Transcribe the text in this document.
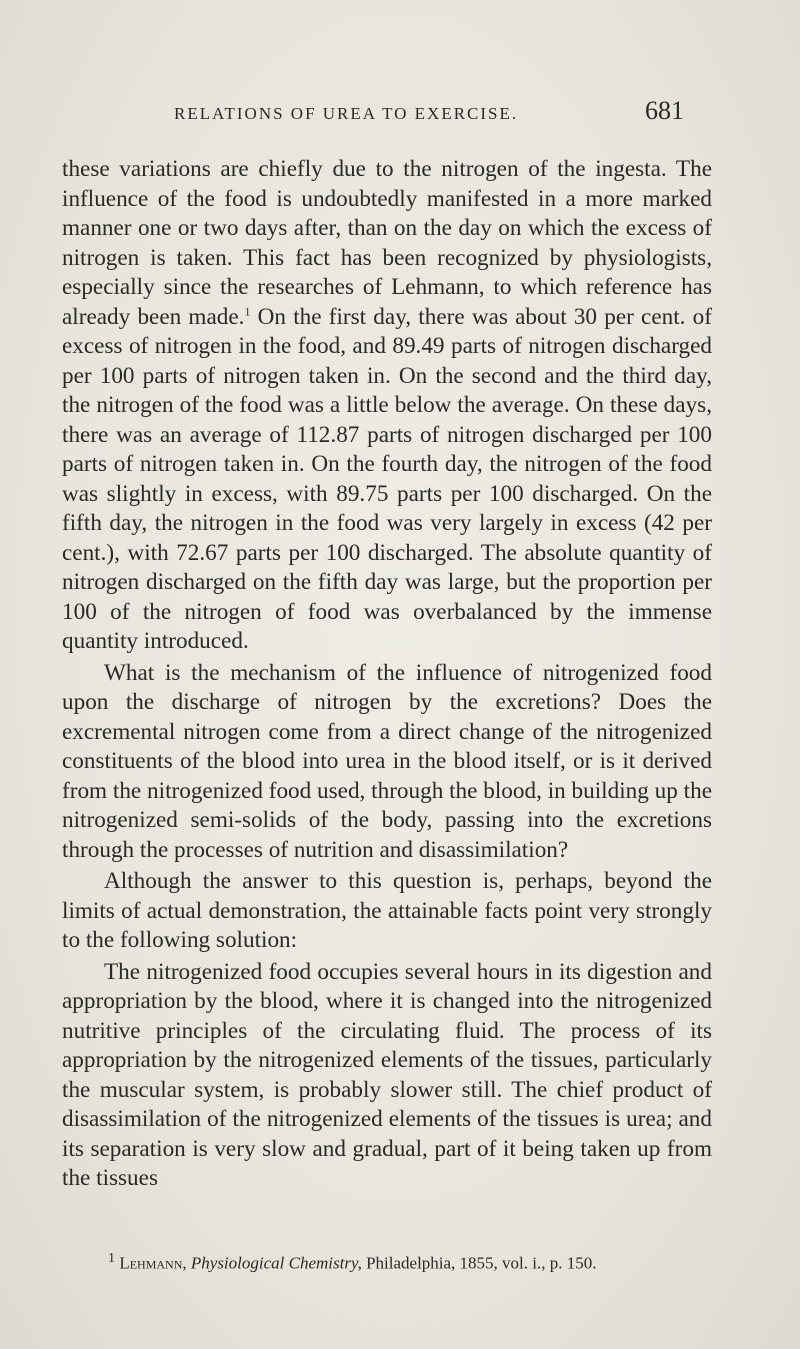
RELATIONS OF UREA TO EXERCISE.	681

these variations are chiefly due to the nitrogen of the ingesta. The influence of the food is undoubtedly manifested in a more marked manner one or two days after, than on the day on which the excess of nitrogen is taken. This fact has been recognized by physiologists, especially since the researches of Lehmann, to which reference has already been made.$^1$ On the first day, there was about 30 per cent. of excess of nitrogen in the food, and 89.49 parts of nitrogen discharged per 100 parts of nitrogen taken in. On the second and the third day, the nitrogen of the food was a little below the average. On these days, there was an average of 112.87 parts of nitrogen discharged per 100 parts of nitrogen taken in. On the fourth day, the nitrogen of the food was slightly in excess, with 89.75 parts per 100 discharged. On the fifth day, the nitrogen in the food was very largely in excess (42 per cent.), with 72.67 parts per 100 discharged. The absolute quantity of nitrogen discharged on the fifth day was large, but the proportion per 100 of the nitrogen of food was overbalanced by the immense quantity introduced.

What is the mechanism of the influence of nitrogenized food upon the discharge of nitrogen by the excretions? Does the excremental nitrogen come from a direct change of the nitrogenized constituents of the blood into urea in the blood itself, or is it derived from the nitrogenized food used, through the blood, in building up the nitrogenized semi-solids of the body, passing into the excretions through the processes of nutrition and disassimilation?

Although the answer to this question is, perhaps, beyond the limits of actual demonstration, the attainable facts point very strongly to the following solution:

The nitrogenized food occupies several hours in its digestion and appropriation by the blood, where it is changed into the nitrogenized nutritive principles of the circulating fluid. The process of its appropriation by the nitrogenized elements of the tissues, particularly the muscular system, is probably slower still. The chief product of disassimilation of the nitrogenized elements of the tissues is urea; and its separation is very slow and gradual, part of it being taken up from the tissues

$^1$ Lehmann, Physiological Chemistry, Philadelphia, 1855, vol. i., p. 150.
